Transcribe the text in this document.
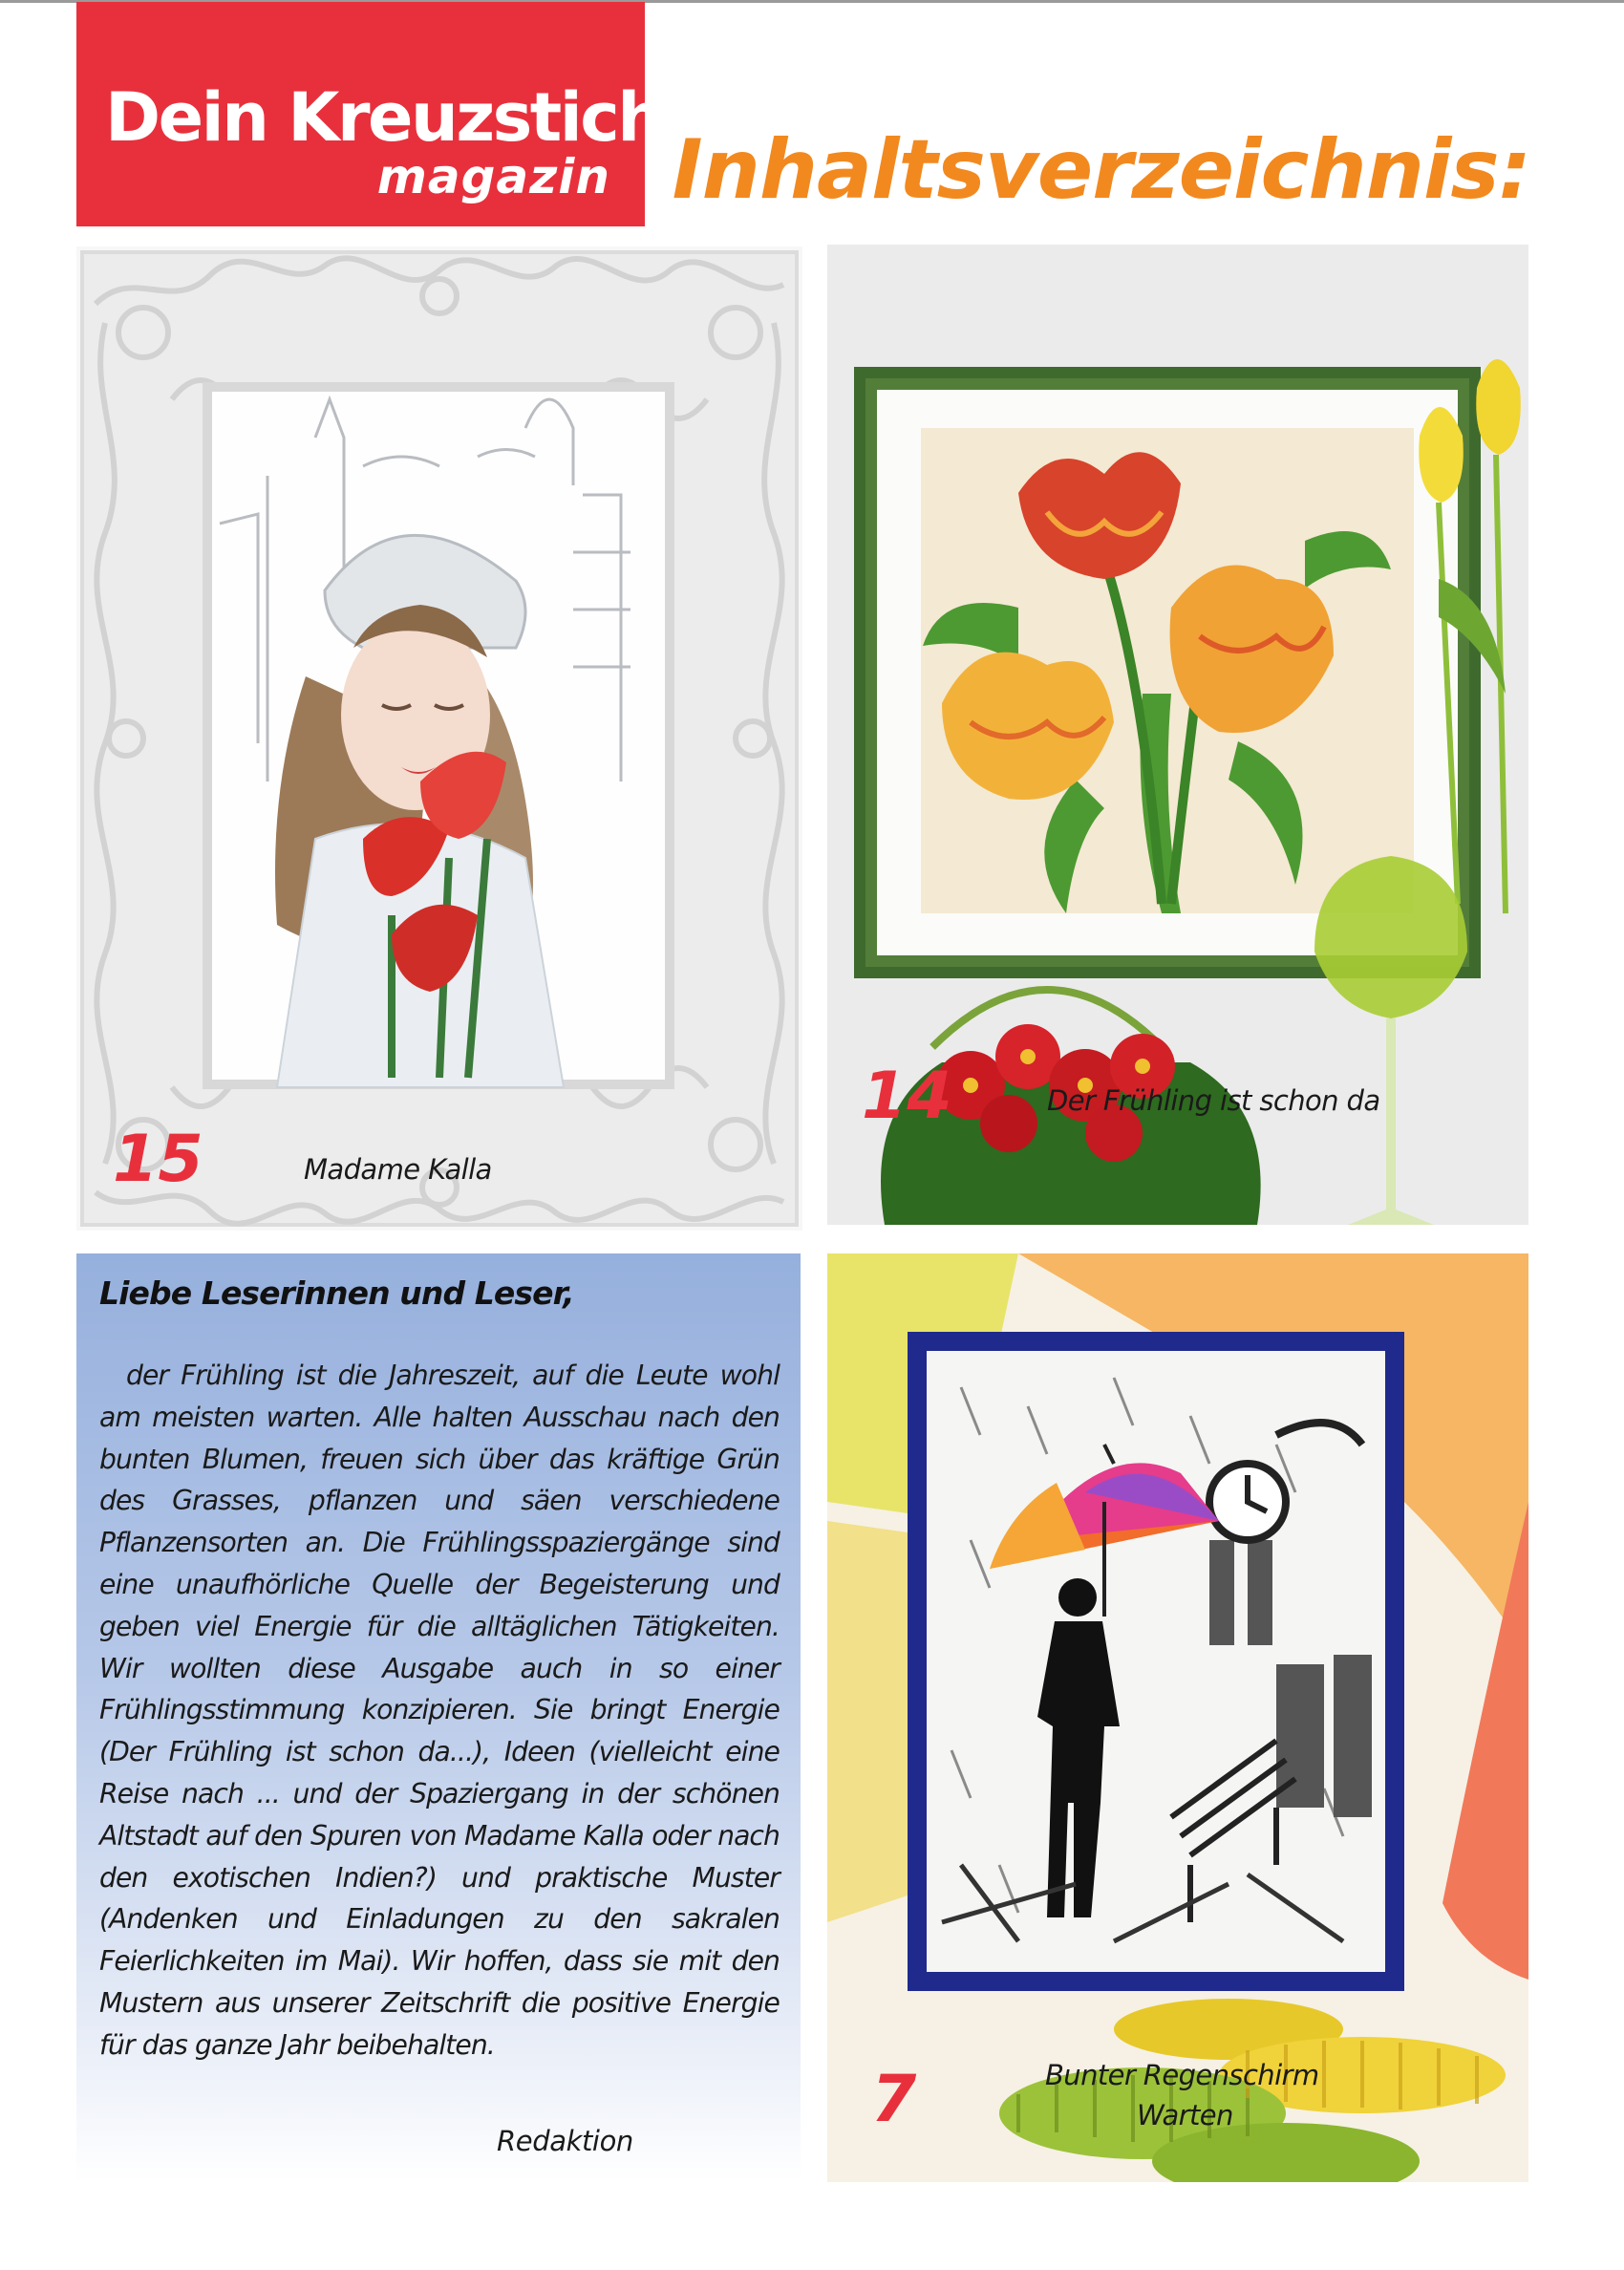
Dein Kreuzstich
magazin Inhaltsverzeichnis:
15	Madame Kalla
14	Der Frühling ist schon da
Liebe Leserinnen und Leser,

der Frühling ist die Jahreszeit, auf die Leute wohl am meisten warten. Alle halten Ausschau nach den bunten Blumen, freuen sich über das kräftige Grün des Grasses, pflanzen und säen verschiedene Pflanzensorten an. Die Frühlingsspaziergänge sind eine unaufhörliche Quelle der Begeisterung und geben viel Energie für die alltäglichen Tätigkeiten. Wir wollten diese Ausgabe auch in so einer Frühlingsstimmung konzipieren. Sie bringt Energie (Der Frühling ist schon da...), Ideen (vielleicht eine Reise nach ... und der Spaziergang in der schönen Altstadt auf den Spuren von Madame Kalla oder nach den exotischen Indien?) und praktische Muster (Andenken und Einladungen zu den sakralen Feierlichkeiten im Mai). Wir hoffen, dass sie mit den Mustern aus unserer Zeitschrift die positive Energie für das ganze Jahr beibehalten.

Redaktion
7	Bunter Regenschirm
Warten
